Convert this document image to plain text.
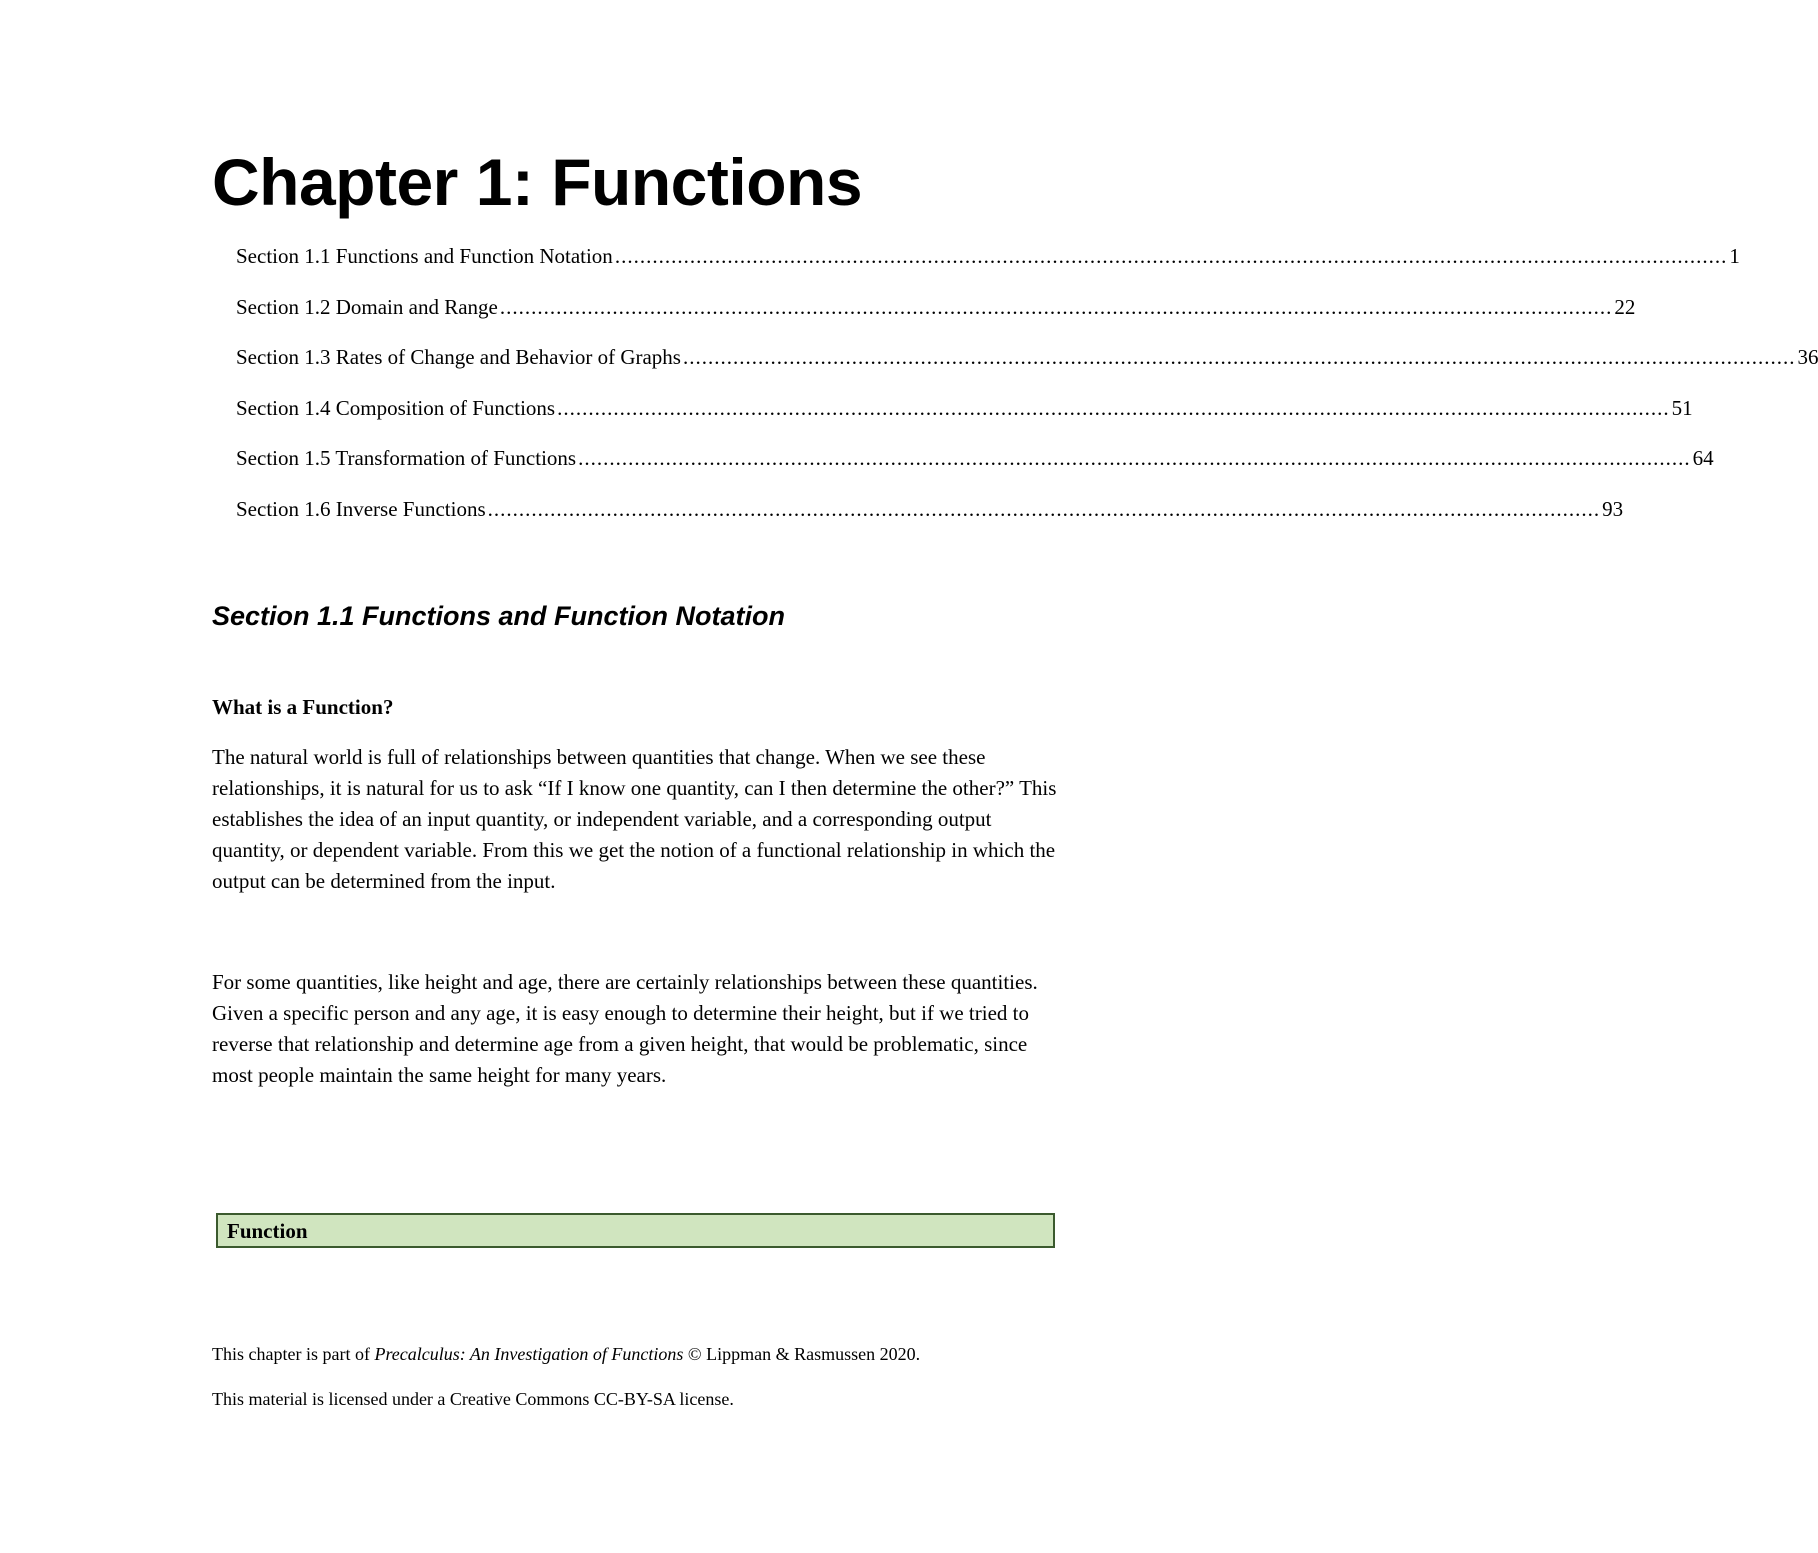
Chapter 1: Functions
Section 1.1 Functions and Function Notation .................................................................................................................................................................................. 1
Section 1.2 Domain and Range .................................................................................................................................................................................. 22
Section 1.3 Rates of Change and Behavior of Graphs .................................................................................................................................................................................. 36
Section 1.4 Composition of Functions .................................................................................................................................................................................. 51
Section 1.5 Transformation of Functions .................................................................................................................................................................................. 64
Section 1.6 Inverse Functions .................................................................................................................................................................................. 93
Section 1.1 Functions and Function Notation
What is a Function?

The natural world is full of relationships between quantities that change. When we see these relationships, it is natural for us to ask “If I know one quantity, can I then determine the other?” This establishes the idea of an input quantity, or independent variable, and a corresponding output quantity, or dependent variable. From this we get the notion of a functional relationship in which the output can be determined from the input.

For some quantities, like height and age, there are certainly relationships between these quantities. Given a specific person and any age, it is easy enough to determine their height, but if we tried to reverse that relationship and determine age from a given height, that would be problematic, since most people maintain the same height for many years.

Function

This chapter is part of Precalculus: An Investigation of Functions © Lippman & Rasmussen 2020.

This material is licensed under a Creative Commons CC-BY-SA license.
